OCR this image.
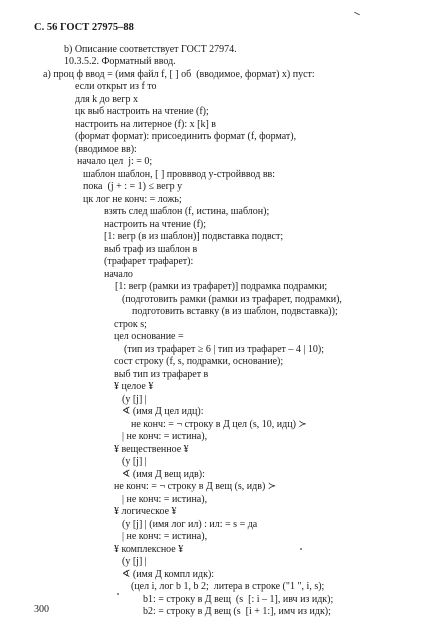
С. 56 ГОСТ 27975–88
b) Описание соответствует ГОСТ 27974.
10.3.5.2. Форматный ввод.
а) проц ф ввод = (имя файл f, [ ] об  (вводимое, формат) x) пуст:
если открыт из f то
для k до вегр x
цк выб настроить на чтение (f);
настроить на литерное (f): x [k] в
(формат формат): присоединить формат (f, формат),
(вводимое вв):
начало цел  j: = 0;
шаблон шаблон, [ ] провввод у-стройввод вв:
пока  (j + : = 1) ≤ вегр у
цк лог не конч: = ложь;
взять след шаблон (f, истина, шаблон);
настроить на чтение (f);
[1: вегр (в из шаблон)] подвставка подвст;
выб траф из шаблон в
(трафарет трафарет):
начало
[1: вегр (рамки из трафарет)] подрамка подрамки;
(подготовить рамки (рамки из трафарет, подрамки),
подготовить вставку (в из шаблон, подвставка));
строк s;
цел основание =
(тип из трафарет ≥ 6 | тип из трафарет – 4 | 10);
сост строку (f, s, подрамки, основание);
выб тип из трафарет в
¥ целое ¥
(у [j] |
∢ (имя Д цел идц):
не конч: = ¬ строку в Д цел (s, 10, идц) ≻
| не конч: = истина),
¥ вещественное ¥
(у [j] |
∢ (имя Д вещ идв):
не конч: = ¬ строку в Д вещ (s, идв) ≻
| не конч: = истина),
¥ логическое ¥
(у [j] | (имя лог ил) : ил: = s = да
| не конч: = истина),
¥ комплексное ¥
(у [j] |
∢ (имя Д компл идк):
(цел i, лог b 1, b 2;  литера в строке ("1 ", i, s);
b1: = строку в Д вещ  (s  [: i – 1], ивч из идк);
b2: = строку в Д вещ (s  [i + 1:], имч из идк);
300
